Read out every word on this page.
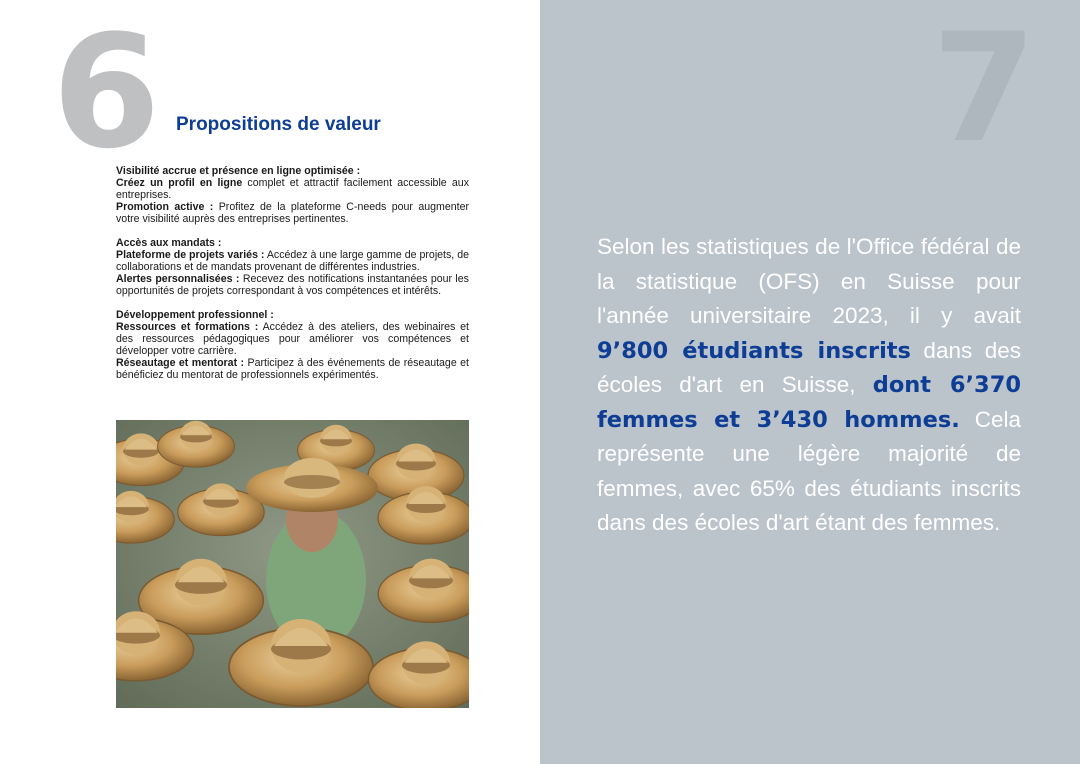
6 Propositions de valeur

Visibilité accrue et présence en ligne optimisée :

Créez un profil en ligne complet et attractif facilement accessible aux entreprises.

Promotion active : Profitez de la plateforme C-needs pour augmenter votre visibilité auprès des entreprises pertinentes.

Accès aux mandats :

Plateforme de projets variés : Accédez à une large gamme de projets, de collaborations et de mandats provenant de différentes industries.

Alertes personnalisées : Recevez des notifications instantanées pour les opportunités de projets correspondant à vos compétences et intérêts.

Développement professionnel :

Ressources et formations : Accédez à des ateliers, des webinaires et des ressources pédagogiques pour améliorer vos compétences et développer votre carrière.

Réseautage et mentorat : Participez à des événements de réseautage et bénéficiez du mentorat de professionnels expérimentés.

7
Selon les statistiques de l'Office fédéral de la statistique (OFS) en Suisse pour l'année universitaire 2023, il y avait 9’800 étudiants inscrits dans des écoles d'art en Suisse, dont 6’370 femmes et 3’430 hommes. Cela représente une légère majorité de femmes, avec 65% des étudiants inscrits dans des écoles d'art étant des femmes.
